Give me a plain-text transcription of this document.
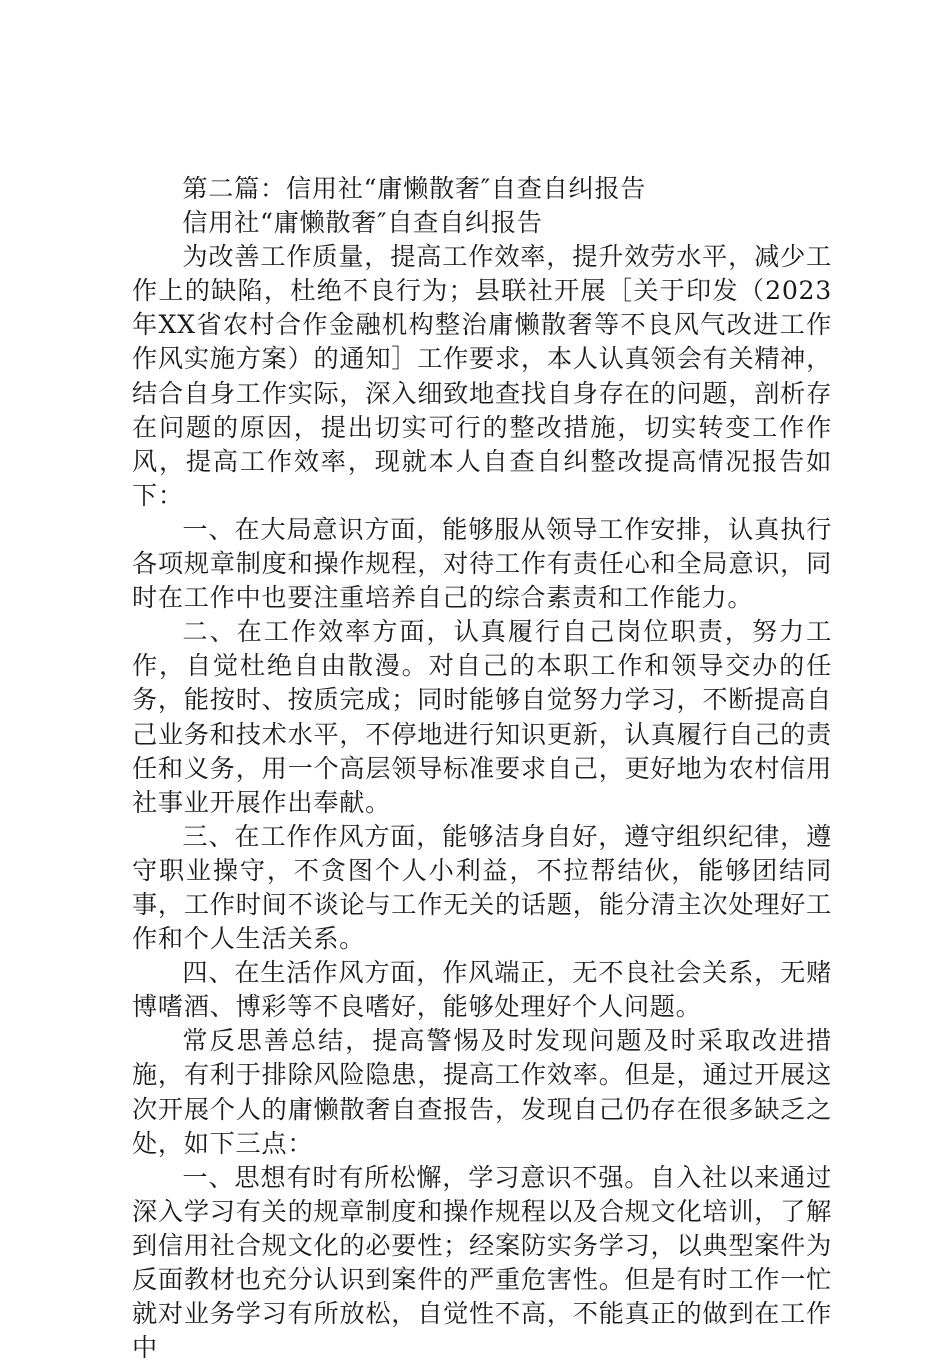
第二篇：信用社“庸懒散奢″自查自纠报告

信用社“庸懒散奢″自查自纠报告

为改善工作质量，提高工作效率，提升效劳水平，减少工作上的缺陷，杜绝不良行为；县联社开展［关于印发（2023年XX省农村合作金融机构整治庸懒散奢等不良风气改进工作作风实施方案）的通知］工作要求，本人认真领会有关精神，结合自身工作实际，深入细致地查找自身存在的问题，剖析存在问题的原因，提出切实可行的整改措施，切实转变工作作风，提高工作效率，现就本人自查自纠整改提高情况报告如下：

一、在大局意识方面，能够服从领导工作安排，认真执行各项规章制度和操作规程，对待工作有责任心和全局意识，同时在工作中也要注重培养自己的综合素责和工作能力。

二、在工作效率方面，认真履行自己岗位职责，努力工作，自觉杜绝自由散漫。对自己的本职工作和领导交办的任务，能按时、按质完成；同时能够自觉努力学习，不断提高自己业务和技术水平，不停地进行知识更新，认真履行自己的责任和义务，用一个高层领导标准要求自己，更好地为农村信用社事业开展作出奉献。

三、在工作作风方面，能够洁身自好，遵守组织纪律，遵守职业操守，不贪图个人小利益，不拉帮结伙，能够团结同事，工作时间不谈论与工作无关的话题，能分清主次处理好工作和个人生活关系。

四、在生活作风方面，作风端正，无不良社会关系，无赌博嗜酒、博彩等不良嗜好，能够处理好个人问题。

常反思善总结，提高警惕及时发现问题及时采取改进措施，有利于排除风险隐患，提高工作效率。但是，通过开展这次开展个人的庸懒散奢自查报告，发现自己仍存在很多缺乏之处，如下三点：

一、思想有时有所松懈，学习意识不强。自入社以来通过深入学习有关的规章制度和操作规程以及合规文化培训，了解到信用社合规文化的必要性；经案防实务学习，以典型案件为反面教材也充分认识到案件的严重危害性。但是有时工作一忙就对业务学习有所放松，自觉性不高，不能真正的做到在工作中
